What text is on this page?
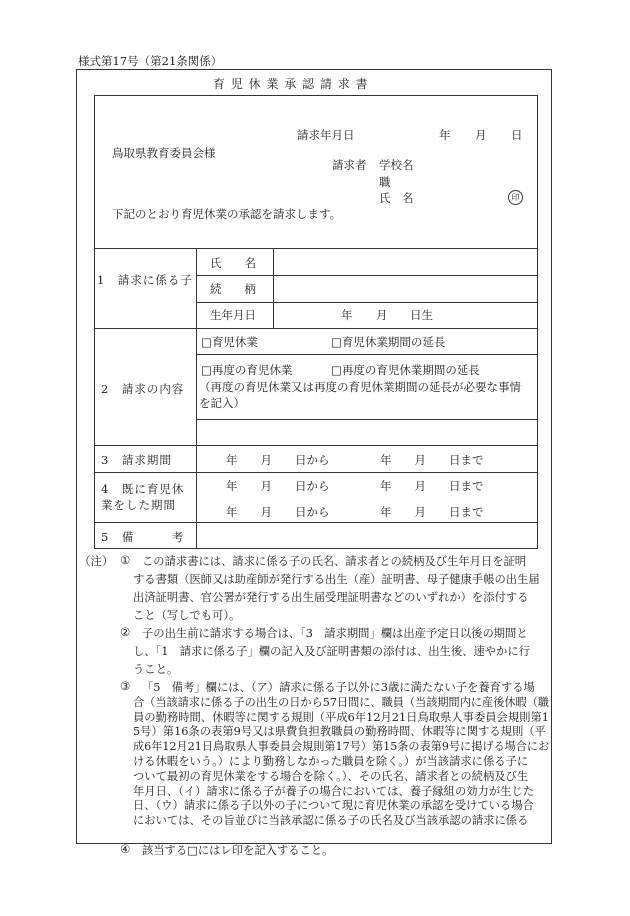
様式第17号（第21条関係）
育 児 休 業 承 認 請 求 書
請求年月日	年 月 日
鳥取県教育委員会様
請求者 学校名
職
氏　名	印
下記のとおり育児休業の承認を請求します。
1　請求に係る子
氏　　名
続　　柄
生年月日	年 月 日生
2　請求の内容
□育児休業	□育児休業期間の延長
□再度の育児休業	□再度の育児休業期間の延長
（再度の育児休業又は再度の育児休業期間の延長が必要な事情
を記入）
3　請求期間	年　　月　　日から	年　　月　　日まで
4　既に育児休
業をした期間
年　　月　　日から	年　　月　　日まで
年　　月　　日から	年　　月　　日まで
5　備　　　考
（注） ① この請求書には、請求に係る子の氏名、請求者との続柄及び生年月日を証明
する書類（医師又は助産師が発行する出生（産）証明書、母子健康手帳の出生届
出済証明書、官公署が発行する出生届受理証明書などのいずれか）を添付する
こと（写しでも可）。
② 子の出生前に請求する場合は、「3　請求期間」欄は出産予定日以後の期間と
し、「1　請求に係る子」欄の記入及び証明書類の添付は、出生後、速やかに行
うこと。
③ 「5　備考」欄には、（ア）請求に係る子以外に3歳に満たない子を養育する場
合（当該請求に係る子の出生の日から57日間に、職員（当該期間内に産後休暇（職
員の勤務時間、休暇等に関する規則（平成6年12月21日鳥取県人事委員会規則第1
5号）第16条の表第9号又は県費負担教職員の勤務時間、休暇等に関する規則（平
成6年12月21日鳥取県人事委員会規則第17号）第15条の表第9号に掲げる場合にお
ける休暇をいう。）により勤務しなかった職員を除く。）が当該請求に係る子に
ついて最初の育児休業をする場合を除く。）、その氏名、請求者との続柄及び生
年月日、（イ）請求に係る子が養子の場合においては、養子縁組の効力が生じた
日、（ウ）請求に係る子以外の子について現に育児休業の承認を受けている場合
においては、その旨並びに当該承認に係る子の氏名及び当該承認の請求に係る
④ 該当する□にはレ印を記入すること。
